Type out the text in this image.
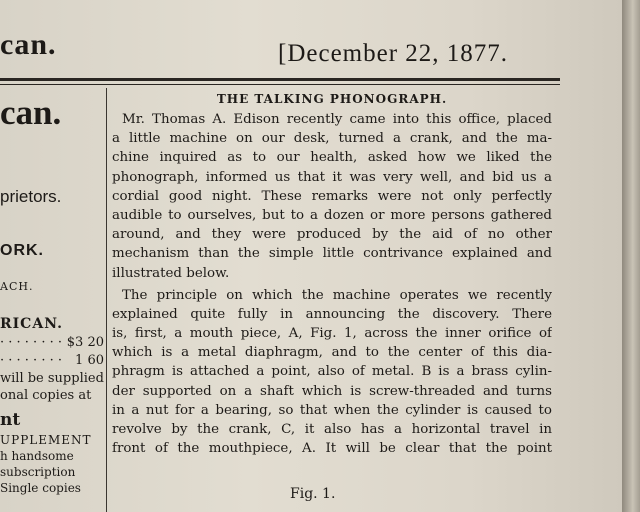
can.	[December 22, 1877.
can.
prietors.
ORK.
ACH.
RICAN.
· · · · · · · · $3 20
· · · · · · · · 1 60
will be supplied
onal copies at
nt
UPPLEMENT
h handsome
subscription
Single copies
THE TALKING PHONOGRAPH.
Mr. Thomas A. Edison recently came into this office, placed
a little machine on our desk, turned a crank, and the ma-
chine inquired as to our health, asked how we liked the
phonograph, informed us that it was very well, and bid us a
cordial good night. These remarks were not only perfectly
audible to ourselves, but to a dozen or more persons gathered
around, and they were produced by the aid of no other
mechanism than the simple little contrivance explained and
illustrated below.
The principle on which the machine operates we recently
explained quite fully in announcing the discovery. There
is, first, a mouth piece, A, Fig. 1, across the inner orifice of
which is a metal diaphragm, and to the center of this dia-
phragm is attached a point, also of metal. B is a brass cylin-
der supported on a shaft which is screw-threaded and turns
in a nut for a bearing, so that when the cylinder is caused to
revolve by the crank, C, it also has a horizontal travel in
front of the mouthpiece, A. It will be clear that the point
Fig. 1.
